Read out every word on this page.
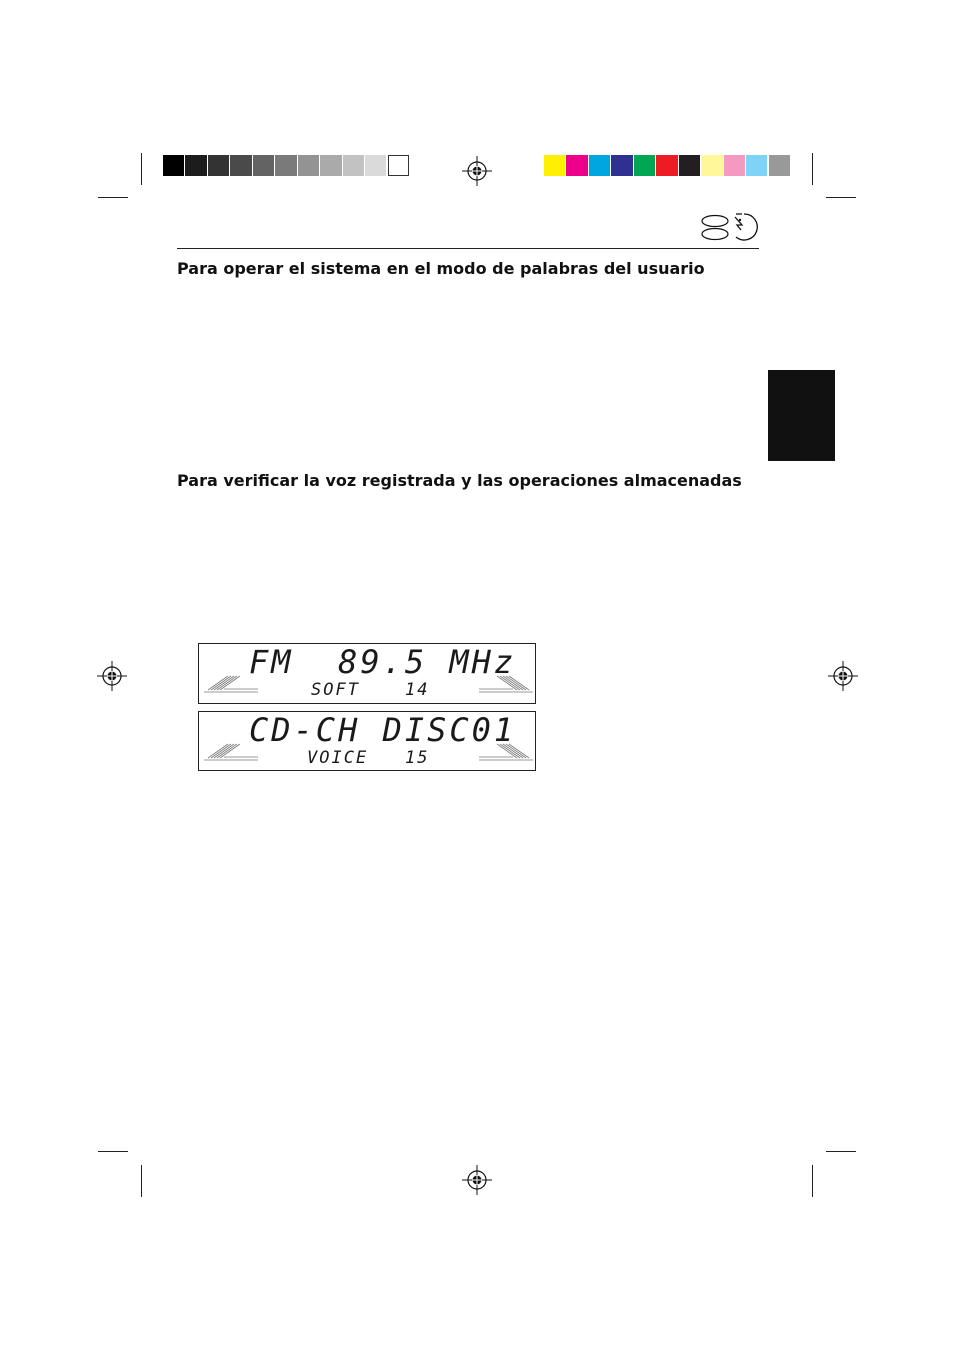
Para operar el sistema en el modo de palabras del usuario
Para verificar la voz registrada y las operaciones almacenadas
FM  89.5 MHz
SOFT	14
CD-CH DISC01
VOICE 15
